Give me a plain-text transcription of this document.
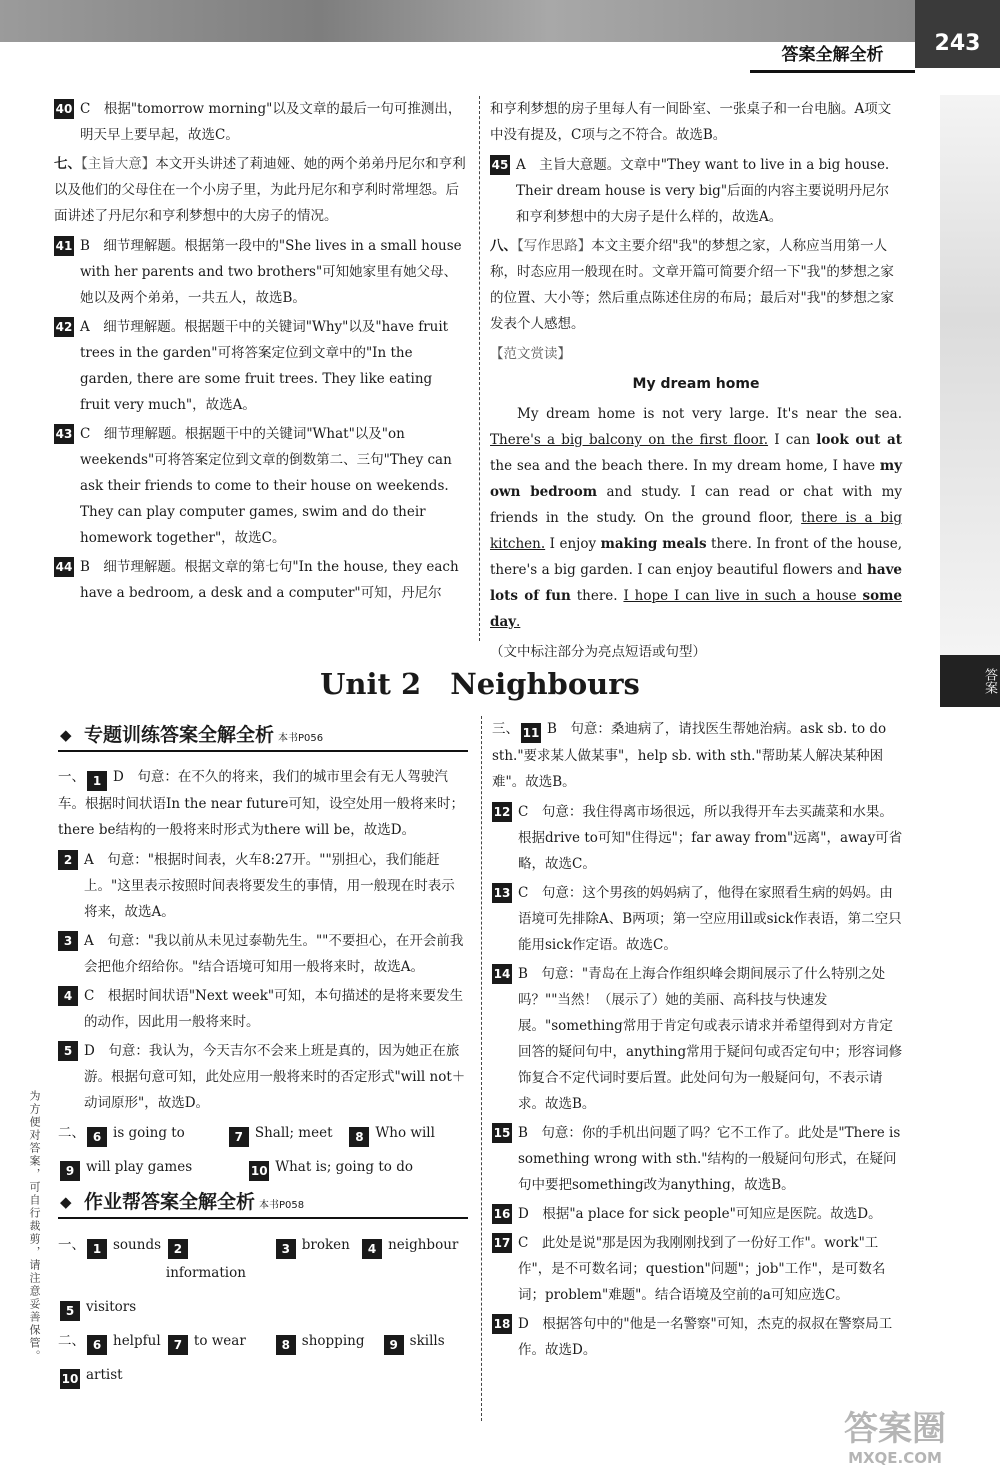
答案全解全析	243
答案
40 C　根据"tomorrow morning"以及文章的最后一句可推测出，明天早上要早起，故选C。

七、【主旨大意】本文开头讲述了莉迪娅、她的两个弟弟丹尼尔和亨利以及他们的父母住在一个小房子里，为此丹尼尔和亨利时常埋怨。后面讲述了丹尼尔和亨利梦想中的大房子的情况。

41 B　细节理解题。根据第一段中的"She lives in a small house with her parents and two brothers"可知她家里有她父母、她以及两个弟弟，一共五人，故选B。
42 A　细节理解题。根据题干中的关键词"Why"以及"have fruit trees in the garden"可将答案定位到文章中的"In the garden, there are some fruit trees. They like eating fruit very much"，故选A。
43 C　细节理解题。根据题干中的关键词"What"以及"on weekends"可将答案定位到文章的倒数第二、三句"They can ask their friends to come to their house on weekends. They can play computer games, swim and do their homework together"，故选C。
44 B　细节理解题。根据文章的第七句"In the house, they each have a bedroom, a desk and a computer"可知，丹尼尔

和亨利梦想的房子里每人有一间卧室、一张桌子和一台电脑。A项文中没有提及，C项与之不符合。故选B。

45 A　主旨大意题。文章中"They want to live in a big house. Their dream house is very big"后面的内容主要说明丹尼尔和亨利梦想中的大房子是什么样的，故选A。

八、【写作思路】本文主要介绍"我"的梦想之家，人称应当用第一人称，时态应用一般现在时。文章开篇可简要介绍一下"我"的梦想之家的位置、大小等；然后重点陈述住房的布局；最后对"我"的梦想之家发表个人感想。

【范文赏读】

My dream home

My dream home is not very large. It's near the sea. There's a big balcony on the first floor. I can look out at the sea and the beach there. In my dream home, I have my own bedroom and study. I can read or chat with my friends in the study. On the ground floor, there is a big kitchen. I enjoy making meals there. In front of the house, there's a big garden. I can enjoy beautiful flowers and have lots of fun there. I hope I can live in such a house some day.

（文中标注部分为亮点短语或句型）

Unit 2　Neighbours
◆ 专题训练答案全解全析 本书P056

一、 1 D　句意：在不久的将来，我们的城市里会有无人驾驶汽车。根据时间状语In the near future可知，设空处用一般将来时；there be结构的一般将来时形式为there will be，故选D。

2 A　句意："根据时间表，火车8:27开。""别担心，我们能赶上。"这里表示按照时间表将要发生的事情，用一般现在时表示将来，故选A。
3 A　句意："我以前从未见过泰勒先生。""不要担心，在开会前我会把他介绍给你。"结合语境可知用一般将来时，故选A。
4 C　根据时间状语"Next week"可知，本句描述的是将来要发生的动作，因此用一般将来时。
5 D　句意：我认为，今天吉尔不会来上班是真的，因为她正在旅游。根据句意可知，此处应用一般将来时的否定形式"will not＋动词原形"，故选D。
二、 6 is going to	7 Shall; meet	8 Who will
9 will play games	10 What is; going to do
◆ 作业帮答案全解全析 本书P058
一、 1 sounds	2information
3 broken	4 neighbour
5 visitors
二、 6 helpful	7 to wear	8 shopping	9 skills
10 artist

三、 11 B　句意：桑迪病了，请找医生帮她治病。ask sb. to do sth."要求某人做某事"，help sb. with sth."帮助某人解决某种困难"。故选B。

12 C　句意：我住得离市场很远，所以我得开车去买蔬菜和水果。根据drive to可知"住得远"；far away from"远离"，away可省略，故选C。
13 C　句意：这个男孩的妈妈病了，他得在家照看生病的妈妈。由语境可先排除A、B两项；第一空应用ill或sick作表语，第二空只能用sick作定语。故选C。
14 B　句意："青岛在上海合作组织峰会期间展示了什么特别之处吗？""当然！（展示了）她的美丽、高科技与快速发展。"something常用于肯定句或表示请求并希望得到对方肯定回答的疑问句中，anything常用于疑问句或否定句中；形容词修饰复合不定代词时要后置。此处问句为一般疑问句，不表示请求。故选B。
15 B　句意：你的手机出问题了吗？它不工作了。此处是"There is something wrong with sth."结构的一般疑问句形式，在疑问句中要把something改为anything，故选B。
16 D　根据"a place for sick people"可知应是医院。故选D。
17 C　此处是说"那是因为我刚刚找到了一份好工作"。work"工作"，是不可数名词；question"问题"；job"工作"，是可数名词；problem"难题"。结合语境及空前的a可知应选C。
18 D　根据答句中的"他是一名警察"可知，杰克的叔叔在警察局工作。故选D。
为方便对答案，可自行裁剪，请注意妥善保管。
答案圈
MXQE.COM
